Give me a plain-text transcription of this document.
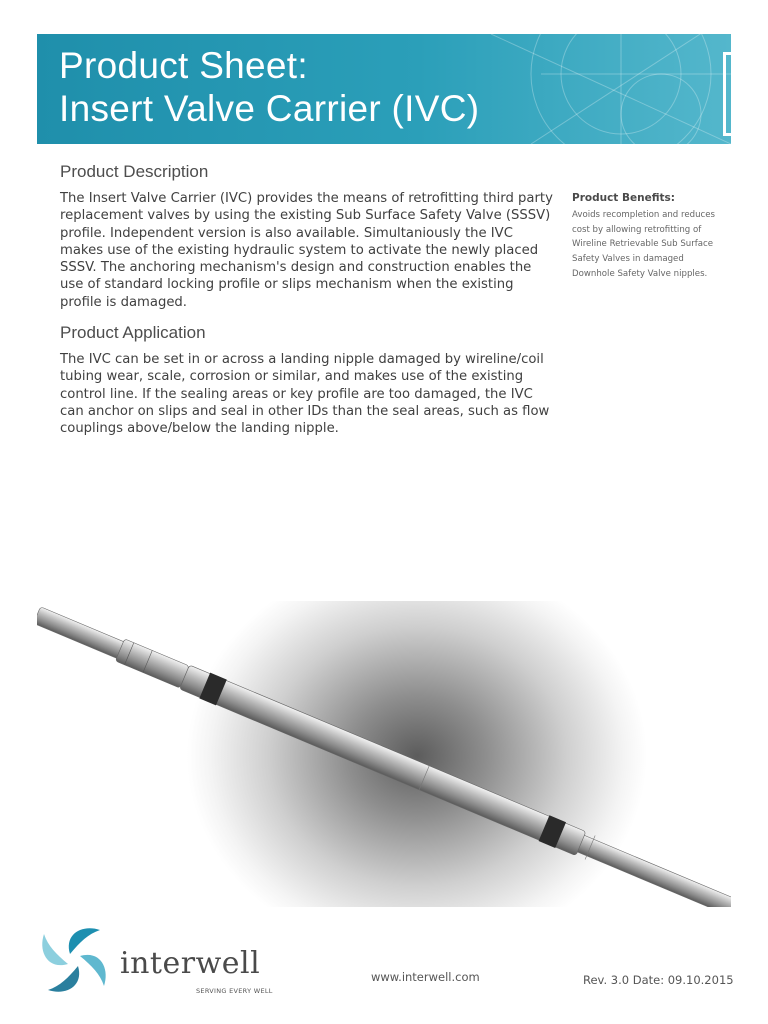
Product Sheet:
Insert Valve Carrier (IVC)
Product Description

The Insert Valve Carrier (IVC) provides the means of retrofitting third party replacement valves by using the existing Sub Surface Safety Valve (SSSV) profile. Independent version is also available. Simultaniously the IVC makes use of the existing hydraulic system to activate the newly placed SSSV. The anchoring mechanism's design and construction enables the use of standard locking profile or slips mechanism when the existing profile is damaged.

Product Application

The IVC can be set in or across a landing nipple damaged by wireline/coil tubing wear, scale, corrosion or similar, and makes use of the existing control line. If the sealing areas or key profile are too damaged, the IVC can anchor on slips and seal in other IDs than the seal areas, such as flow couplings above/below the landing nipple.

Product Benefits:

Avoids recompletion and reduces cost by allowing retrofitting of Wireline Retrievable Sub Surface Safety Valves in damaged Downhole Safety Valve nipples.

interwell
SERVING EVERY WELL
www.interwell.com	Rev. 3.0 Date: 09.10.2015
